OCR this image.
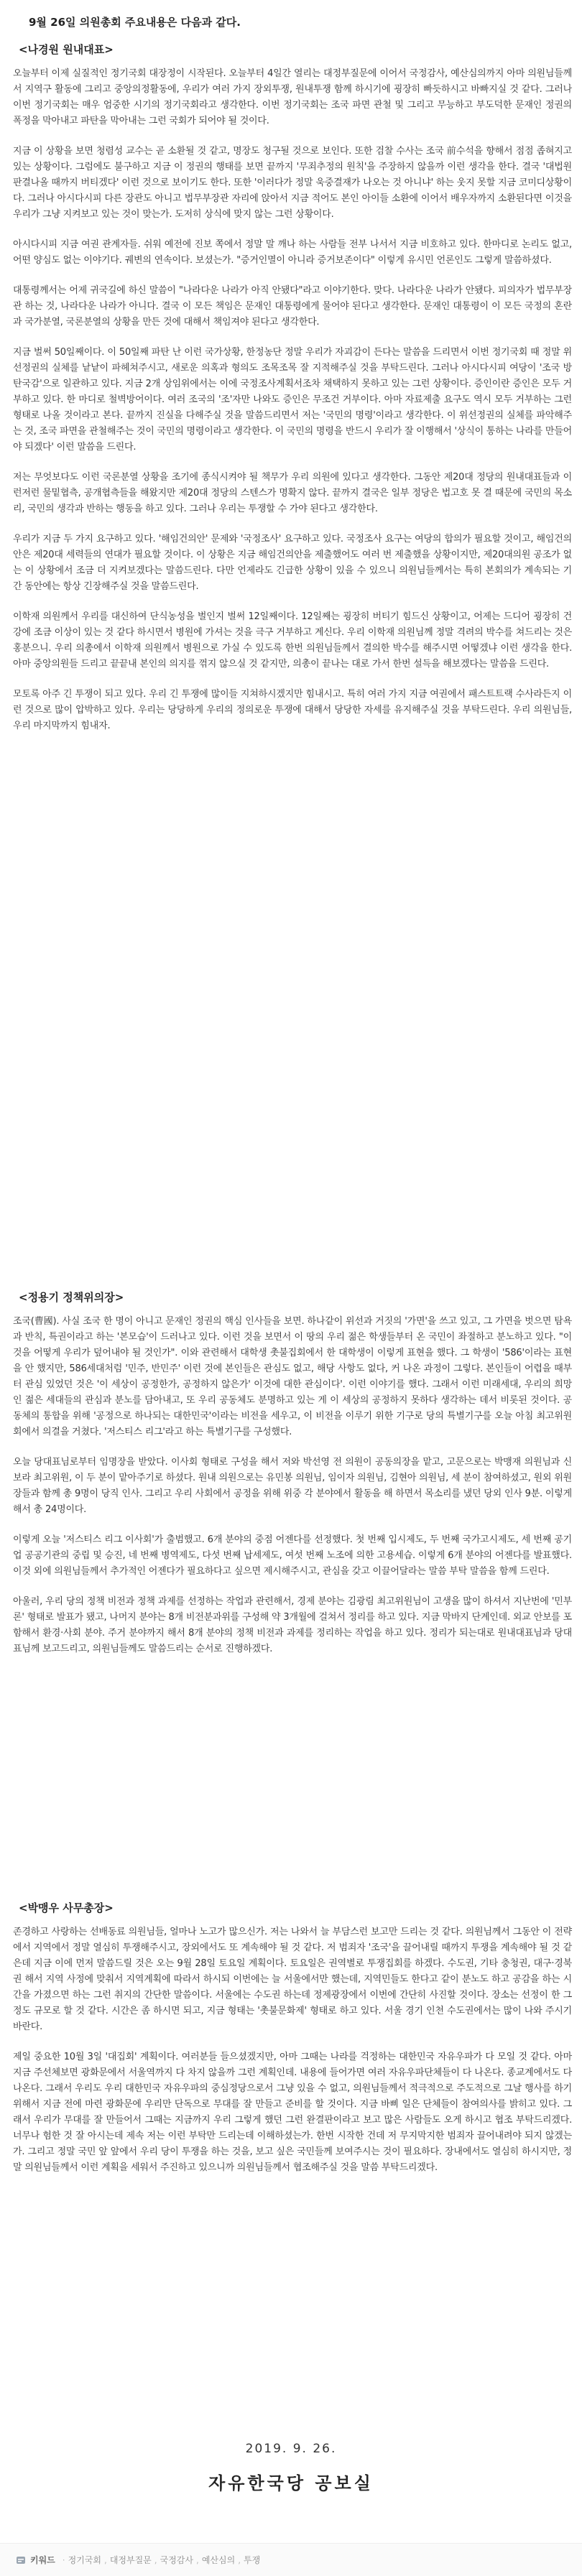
9월 26일 의원총회 주요내용은 다음과 같다.

<나경원 원내대표>

오늘부터 이제 실질적인 정기국회 대장정이 시작된다. 오늘부터 4일간 열리는 대정부질문에 이어서 국정감사, 예산심의까지 아마 의원님들께서 지역구 활동에 그리고 중앙의정활동에, 우리가 여러 가지 장외투쟁, 원내투쟁 함께 하시기에 굉장히 빠듯하시고 바빠지실 것 같다. 그러나 이번 정기국회는 매우 엄중한 시기의 정기국회라고 생각한다. 이번 정기국회는 조국 파면 관철 및 그리고 무능하고 부도덕한 문재인 정권의 폭정을 막아내고 파탄을 막아내는 그런 국회가 되어야 될 것이다.

지금 이 상황을 보면 청렴성 교수는 곧 소환될 것 같고, 명장도 청구될 것으로 보인다. 또한 검찰 수사는 조국 前수석을 향해서 점점 좁혀지고 있는 상황이다. 그럼에도 불구하고 지금 이 정권의 행태를 보면 끝까지 '무죄추정의 원칙'을 주장하지 않을까 이런 생각을 한다. 결국 '대법원 판결나올 때까지 버티겠다' 이런 것으로 보이기도 한다. 또한 '이러다가 정말 욱중결재가 나오는 것 아니냐' 하는 웃지 못할 지금 코미디상황이다. 그러나 아시다시피 다른 장관도 아니고 법무부장관 자리에 앉아서 지금 적어도 본인 아이들 소환에 이어서 배우자까지 소환된다면 이것을 우리가 그냥 지켜보고 있는 것이 맞는가. 도저히 상식에 맞지 않는 그런 상황이다.

아시다시피 지금 여권 관계자들. 쉬워 예전에 진보 쪽에서 정말 말 깨나 하는 사람들 전부 나서서 지금 비호하고 있다. 한마디로 논리도 없고, 어떤 양심도 없는 이야기다. 궤변의 연속이다. 보셨는가. "증거인멸이 아니라 증거보존이다" 이렇게 유시민 언론인도 그렇게 말씀하셨다.

대통령께서는 어제 귀국길에 하신 말씀이 "나라다운 나라가 아직 안됐다"라고 이야기한다. 맞다. 나라다운 나라가 안됐다. 피의자가 법무부장관 하는 것, 나라다운 나라가 아니다. 결국 이 모든 책임은 문재인 대통령에게 물어야 된다고 생각한다. 문재인 대통령이 이 모든 국정의 혼란과 국가분열, 국론분열의 상황을 만든 것에 대해서 책임져야 된다고 생각한다.

지금 벌써 50일째이다. 이 50일째 파탄 난 이런 국가상황, 한정농단 정말 우리가 자괴감이 든다는 말씀을 드리면서 이번 정기국회 때 정말 위선정권의 실체를 낱낱이 파헤쳐주시고, 새로운 의혹과 형의도 조목조목 잘 지적해주실 것을 부탁드린다. 그러나 아시다시피 여당이 '조국 방탄국감'으로 일관하고 있다. 지금 2개 상임위에서는 이에 국정조사계획서조차 채택하지 못하고 있는 그런 상황이다. 증인이란 증인은 모두 거부하고 있다. 한 마디로 철벽방어이다. 여러 조국의 '조'자만 나와도 증인은 무조건 거부이다. 아마 자료제출 요구도 역시 모두 거부하는 그런 형태로 나올 것이라고 본다. 끝까지 진실을 다해주실 것을 말씀드리면서 저는 '국민의 명령'이라고 생각한다. 이 위선정권의 실체를 파악해주는 것, 조국 파면을 관철해주는 것이 국민의 명령이라고 생각한다. 이 국민의 명령을 반드시 우리가 잘 이행해서 '상식이 통하는 나라를 만들어야 되겠다' 이런 말씀을 드린다.

저는 무엇보다도 이런 국론분열 상황을 조기에 종식시켜야 될 책무가 우리 의원에 있다고 생각한다. 그동안 제20대 정당의 원내대표들과 이런저런 물밑협측, 공개협측들을 해왔지만 제20대 정당의 스텐스가 명확지 않다. 끝까지 결국은 일부 정당은 법고호 못 결 때문에 국민의 목소리, 국민의 생각과 반하는 행동을 하고 있다. 그러나 우리는 투쟁할 수 가야 된다고 생각한다.

우리가 지금 두 가지 요구하고 있다. '해임건의안' 문제와 '국정조사' 요구하고 있다. 국정조사 요구는 여당의 합의가 필요할 것이고, 해임건의안은 제20대 세력들의 연대가 필요할 것이다. 이 상황은 지금 해임건의안을 제출했어도 여러 번 제출했을 상황이지만, 제20대의원 공조가 없는 이 상황에서 조금 더 지켜보겠다는 말씀드린다. 다만 언제라도 긴급한 상황이 있을 수 있으니 의원님들께서는 특히 본회의가 계속되는 기간 동안에는 항상 긴장해주실 것을 말씀드린다.

이학재 의원께서 우리를 대신하여 단식농성을 벌인지 벌써 12일째이다. 12일째는 굉장히 버티기 힘드신 상황이고, 어제는 드디어 굉장히 건강에 조금 이상이 있는 것 같다 하시면서 병원에 가셔는 것을 극구 거부하고 계신다. 우리 이학재 의원님께 정말 격려의 박수를 쳐드리는 것은 홍분으니. 우리 의총에서 이학재 의원께서 병원으로 가실 수 있도록 한번 의원님들께서 결의한 박수를 해주시면 어떻겠냐 이런 생각을 한다. 아마 중앙의원들 드리고 끝끝내 본인의 의지를 꺾지 않으실 것 같지만, 의총이 끝나는 대로 가서 한번 설득을 해보겠다는 말씀을 드린다.

모토록 아주 긴 투쟁이 되고 있다. 우리 긴 투쟁에 많이들 지쳐하시겠지만 힘내시고. 특히 여러 가지 지금 여권에서 패스트트랙 수사라든지 이런 것으로 많이 압박하고 있다. 우리는 당당하게 우리의 정의로운 투쟁에 대해서 당당한 자세를 유지해주실 것을 부탁드린다. 우리 의원님들, 우리 마지막까지 힘내자.

<정용기 정책위의장>

조국(曹國). 사실 조국 한 명이 아니고 문재인 정권의 핵심 인사들을 보면. 하나같이 위선과 거짓의 '가면'을 쓰고 있고, 그 가면을 벗으면 탐욕과 반칙, 특권이라고 하는 '본모습'이 드러나고 있다. 이런 것을 보면서 이 땅의 우리 젊은 학생들부터 온 국민이 좌절하고 분노하고 있다. "이것을 어떻게 우리가 덮어내야 될 것인가". 이와 관련해서 대학생 촛불집회에서 한 대학생이 이렇게 표현을 했다. 그 학생이 '586'이라는 표현을 안 했지만, 586세대처럼 '민주, 반민주' 이런 것에 본인들은 관심도 없고, 해당 사항도 없다, 커 나온 과정이 그렇다. 본인들이 어렵을 때부터 관심 있었던 것은 '이 세상이 공정한가, 공정하지 않은가' 이것에 대한 관심이다'. 이런 이야기를 했다. 그래서 이런 미래세대, 우리의 희망인 젊은 세대들의 관심과 분노를 담아내고, 또 우리 공동체도 분명하고 있는 게 이 세상의 공정하지 못하다 생각하는 데서 비롯된 것이다. 공동체의 통합을 위해 '공정으로 하나되는 대한민국'이라는 비전을 세우고, 이 비전을 이루기 위한 기구로 당의 특별기구를 오늘 아침 최고위원회에서 의결을 거쳤다. '저스티스 리그'라고 하는 특별기구를 구성했다.

오늘 당대표님로부터 임명장을 받았다. 이사회 형태로 구성을 해서 저와 박선영 전 의원이 공동의장을 맡고, 고문으로는 박맹재 의원님과 신보라 최고위원, 이 두 분이 맡아주기로 하셨다. 원내 의원으로는 유민봉 의원님, 임이자 의원님, 김현아 의원님, 세 분이 참여하셨고, 원외 위원장들과 함께 총 9명이 당직 인사. 그리고 우리 사회에서 공정을 위해 위중 각 분야에서 활동을 해 하면서 목소리를 냈던 당외 인사 9분. 이렇게 해서 총 24명이다.

이렇게 오늘 '저스티스 리그 이사회'가 출범했고. 6개 분야의 중점 어젠다를 선정했다. 첫 번째 입시제도, 두 번째 국가고시제도, 세 번째 공기업 공공기관의 중립 및 승진, 네 번째 병역제도, 다섯 번째 납세제도, 여섯 번째 노조에 의한 고용세습. 이렇게 6개 분야의 어젠다를 발표했다. 이것 외에 의원님들께서 추가적인 어젠다가 필요하다고 싶으면 제시해주시고, 관심을 갖고 이끌어달라는 말씀 부탁 말씀을 함께 드린다.

아울러, 우리 당의 정책 비전과 정책 과제를 선정하는 작업과 관련해서, 경제 분야는 김광림 최고위원님이 고생을 많이 하셔서 지난번에 '민부론' 형태로 발표가 됐고, 나머지 분야는 8개 비전분과위를 구성해 약 3개월에 걸쳐서 정리를 하고 있다. 지금 막바지 단계인데. 외교 안보를 포함해서 환경·사회 분야. 주거 분야까지 해서 8개 분야의 정책 비전과 과제를 정리하는 작업을 하고 있다. 정리가 되는대로 원내대표님과 당대표님께 보고드리고, 의원님들께도 말씀드리는 순서로 진행하겠다.

<박맹우 사무총장>

존경하고 사랑하는 선배동료 의원님들, 얼마나 노고가 많으신가. 저는 나와서 늘 부담스런 보고만 드리는 것 같다. 의원님께서 그동안 이 전략에서 지역에서 정말 열심히 투쟁해주시고, 장외에서도 또 계속해야 될 것 같다. 저 범죄자 '조국'을 끌어내릴 때까지 투쟁을 계속해야 될 것 같은데 지금 이에 먼저 말씀드릴 것은 오는 9월 28일 토요일 계획이다. 토요일은 권역별로 투쟁집회를 하겠다. 수도권, 기타 충청권, 대구·경북권 해서 지역 사정에 맞춰서 지역계획에 따라서 하시되 이번에는 늘 서울에서만 했는데, 지역민들도 한다고 같이 분노도 하고 공감을 하는 시간을 가졌으면 하는 그런 취지의 간단한 말씀이다. 서울에는 수도권 하는데 정제광장에서 이번에 간단히 사진할 것이다. 장소는 선정이 한 그 정도 규모로 할 것 같다. 시간은 좀 하시면 되고, 지금 형태는 '촛불문화제' 형태로 하고 있다. 서울 경기 인천 수도권에서는 많이 나와 주시기 바란다.

제일 중요한 10월 3일 '대집회' 계획이다. 여러분들 들으셨겠지만, 아마 그때는 나라를 걱정하는 대한민국 자유우파가 다 모일 것 같다. 아마 지금 주선체보면 광화문에서 서울역까지 다 차지 않을까 그런 계획인데. 내용에 들어가면 여러 자유우파단체들이 다 나온다. 종교계에서도 다 나온다. 그래서 우리도 우리 대한민국 자유우파의 중심정당으로서 그냥 있을 수 없고, 의원님들께서 적극적으로 주도적으로 그날 행사를 하기 위해서 지금 전에 마련 광화문에 우리만 단독으로 무대를 잘 만들고 준비를 할 것이다. 지금 바삐 일은 단체들이 참여의사를 밝히고 있다. 그래서 우리가 무대를 잘 만들어서 그때는 지금까지 우리 그렇게 했던 그런 완결판이라고 보고 많은 사람들도 오게 하시고 협조 부탁드리겠다. 너무나 험한 것 잘 아시는데 제속 저는 이런 부탁만 드리는데 이해하셨는가. 한번 시작한 건데 저 무지막지한 범죄자 끌어내려야 되지 않겠는가. 그리고 정말 국민 앞 앞에서 우리 당이 투쟁을 하는 것을, 보고 싶은 국민들께 보여주시는 것이 필요하다. 장내에서도 열심히 하시지만, 정말 의원님들께서 이런 계획을 세워서 주진하고 있으니까 의원님들께서 협조해주실 것을 말씀 부탁드리겠다.

2019. 9. 26.

자유한국당 공보실

키워드 · 정기국회 , 대정부질문 , 국정감사 , 예산심의 , 투쟁
